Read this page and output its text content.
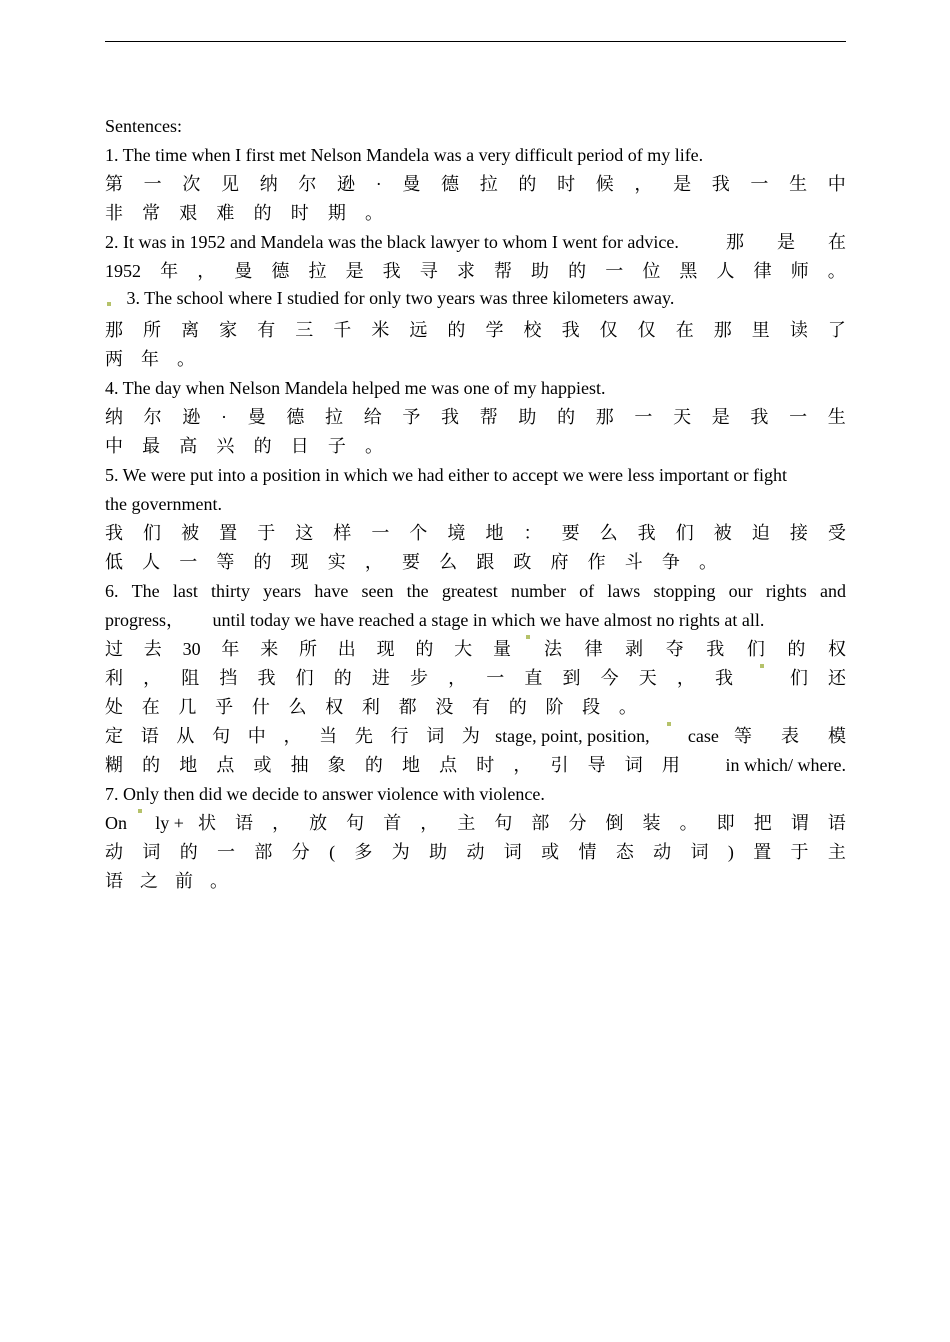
Sentences:
1. The time when I first met Nelson Mandela was a very difficult period of my life.
第 一 次 见 纳 尔 逊 · 曼 德 拉 的 时 候 ， 是 我 一 生 中
非 常 艰 难 的 时 期 。
2. It was in 1952 and Mandela was the black lawyer to whom I went for advice.	那 是 在
1952 年 ， 曼 德 拉 是 我 寻 求 帮 助 的 一 位 黑 人 律 师 。
3. The school where I studied for only two years was three kilometers away.
那 所 离 家 有 三 千 米 远 的 学 校 我 仅 仅 在 那 里 读 了
两 年 。
4. The day when Nelson Mandela helped me was one of my happiest.
纳 尔 逊 · 曼 德 拉 给 予 我 帮 助 的 那 一 天 是 我 一 生
中 最 高 兴 的 日 子 。
5. We were put into a position in which we had either to accept we were less important or fight
the government.
我 们 被 置 于 这 样 一 个 境 地 ： 要 么 我 们 被 迫 接 受
低 人 一 等 的 现 实 ， 要 么 跟 政 府 作 斗 争 。
6. The last thirty years have seen the greatest number of laws stopping our rights and
progress， until today we have reached a stage in which we have almost no rights at all.
过 去 30 年 来 所 出 现 的 大 量 法 律 剥 夺 我 们 的 权
利 ， 阻 挡 我 们 的 进 步 ， 一 直 到 今 天 ， 我	们 还
处 在 几 乎 什 么 权 利 都 没 有 的 阶 段 。
定 语 从 句 中 ， 当 先 行 词 为 stage, point, position, case 等 表 模
糊 的 地 点 或 抽 象 的 地 点 时 ， 引 导 词 用	in which/ where.
7. Only then did we decide to answer violence with violence.
On ly + 状 语 ， 放 句 首 ， 主 句 部 分 倒 装 。 即 把 谓 语
动 词 的 一 部 分 ( 多 为 助 动 词 或 情 态 动 词 ) 置 于 主
语 之 前 。
